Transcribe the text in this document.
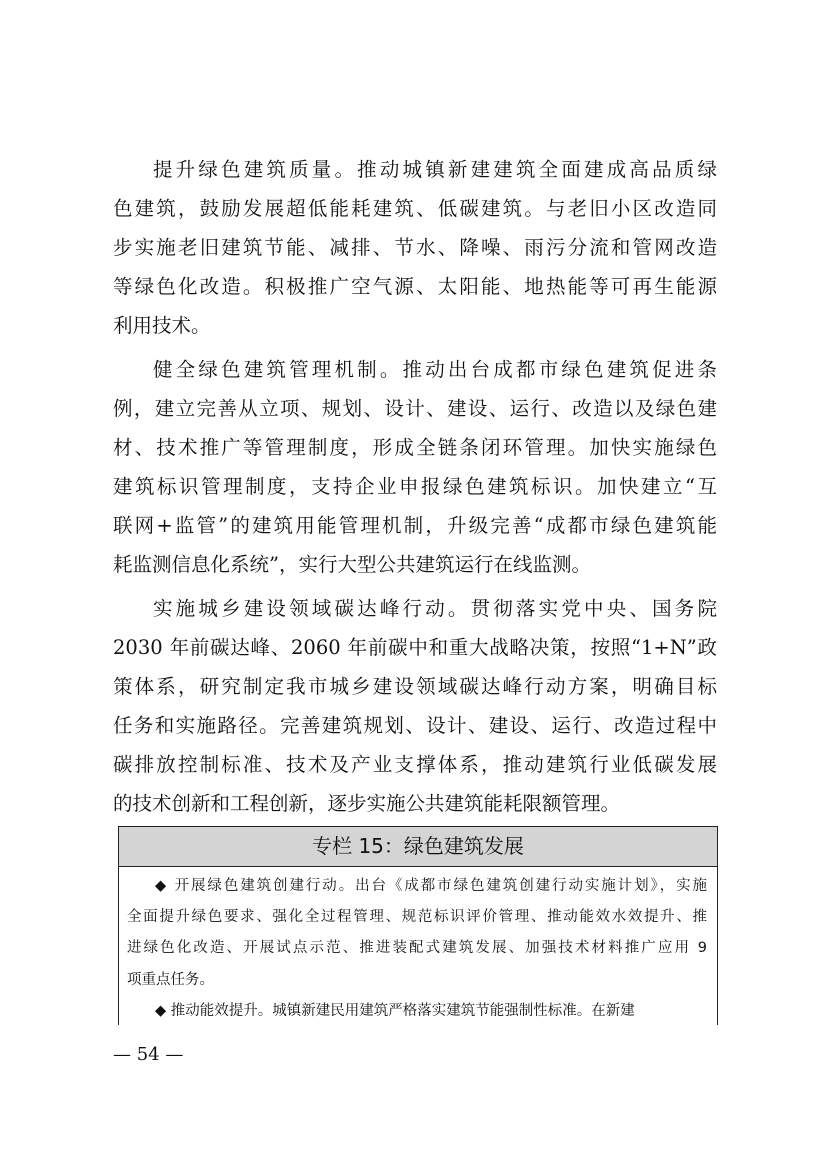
提升绿色建筑质量。推动城镇新建建筑全面建成高品质绿
色建筑，鼓励发展超低能耗建筑、低碳建筑。与老旧小区改造同
步实施老旧建筑节能、减排、节水、降噪、雨污分流和管网改造
等绿色化改造。积极推广空气源、太阳能、地热能等可再生能源
利用技术。
健全绿色建筑管理机制。推动出台成都市绿色建筑促进条
例，建立完善从立项、规划、设计、建设、运行、改造以及绿色建
材、技术推广等管理制度，形成全链条闭环管理。加快实施绿色
建筑标识管理制度，支持企业申报绿色建筑标识。加快建立“互
联网+监管”的建筑用能管理机制，升级完善“成都市绿色建筑能
耗监测信息化系统”，实行大型公共建筑运行在线监测。
实施城乡建设领域碳达峰行动。贯彻落实党中央、国务院
2030 年前碳达峰、2060 年前碳中和重大战略决策，按照“1+N”政
策体系，研究制定我市城乡建设领域碳达峰行动方案，明确目标
任务和实施路径。完善建筑规划、设计、建设、运行、改造过程中
碳排放控制标准、技术及产业支撑体系，推动建筑行业低碳发展
的技术创新和工程创新，逐步实施公共建筑能耗限额管理。
专栏 15：绿色建筑发展
◆ 开展绿色建筑创建行动。出台《成都市绿色建筑创建行动实施计划》，实施
全面提升绿色要求、强化全过程管理、规范标识评价管理、推动能效水效提升、推
进绿色化改造、开展试点示范、推进装配式建筑发展、加强技术材料推广应用 9
项重点任务。
◆ 推动能效提升。城镇新建民用建筑严格落实建筑节能强制性标准。在新建
— 54 —
